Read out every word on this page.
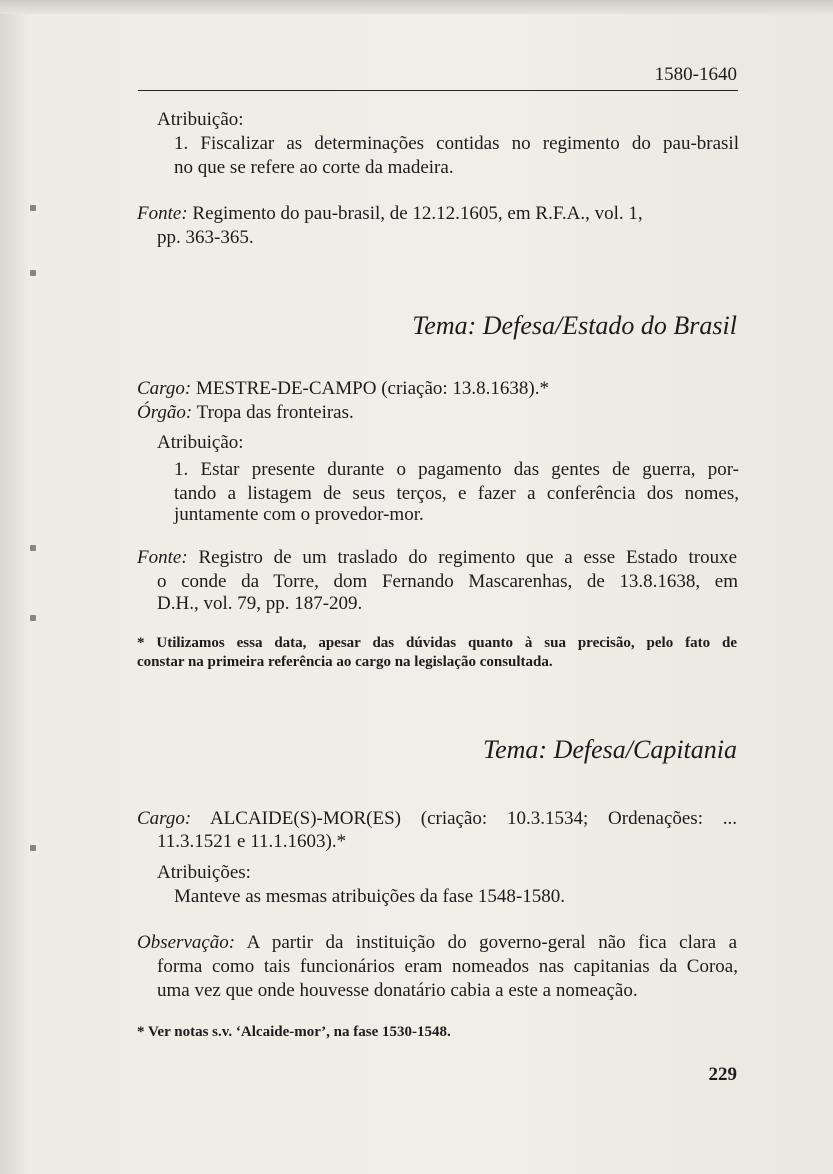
1580-1640
Atribuição:
1. Fiscalizar as determinações contidas no regimento do pau-brasil
no que se refere ao corte da madeira.
Fonte: Regimento do pau-brasil, de 12.12.1605, em R.F.A., vol. 1,
pp. 363-365.
Tema: Defesa/Estado do Brasil
Cargo: MESTRE-DE-CAMPO (criação: 13.8.1638).*
Órgão: Tropa das fronteiras.
Atribuição:
1. Estar presente durante o pagamento das gentes de guerra, por-
tando a listagem de seus terços, e fazer a conferência dos nomes,
juntamente com o provedor-mor.
Fonte: Registro de um traslado do regimento que a esse Estado trouxe
o conde da Torre, dom Fernando Mascarenhas, de 13.8.1638, em
D.H., vol. 79, pp. 187-209.
* Utilizamos essa data, apesar das dúvidas quanto à sua precisão, pelo fato de
constar na primeira referência ao cargo na legislação consultada.
Tema: Defesa/Capitania
Cargo: ALCAIDE(S)-MOR(ES) (criação: 10.3.1534; Ordenações: ...
11.3.1521 e 11.1.1603).*
Atribuições:
Manteve as mesmas atribuições da fase 1548-1580.
Observação: A partir da instituição do governo-geral não fica clara a
forma como tais funcionários eram nomeados nas capitanias da Coroa,
uma vez que onde houvesse donatário cabia a este a nomeação.
* Ver notas s.v. ‘Alcaide-mor’, na fase 1530-1548.
229
